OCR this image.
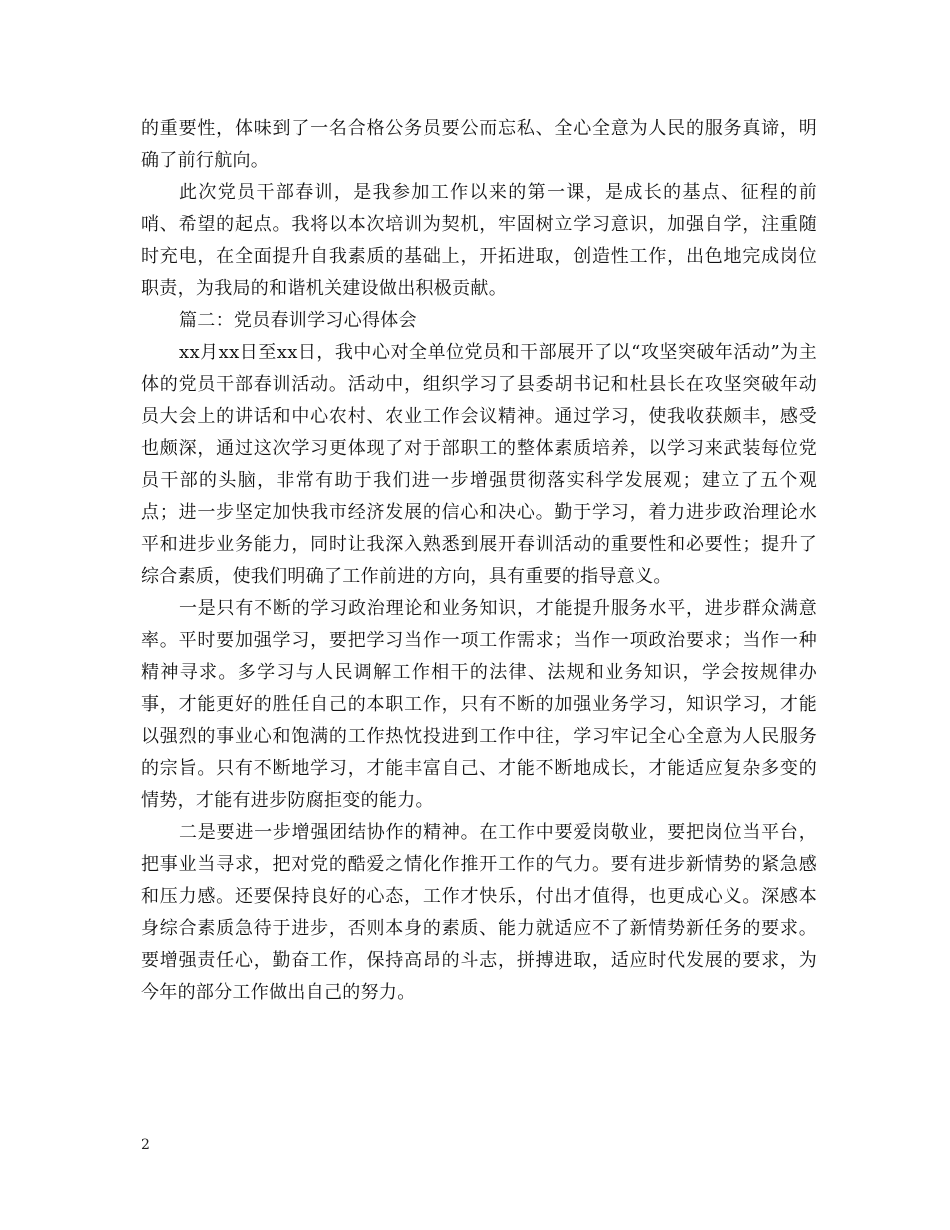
的重要性，体味到了一名合格公务员要公而忘私、全心全意为人民的服务真谛，明确了前行航向。

此次党员干部春训，是我参加工作以来的第一课，是成长的基点、征程的前哨、希望的起点。我将以本次培训为契机，牢固树立学习意识，加强自学，注重随时充电，在全面提升自我素质的基础上，开拓进取，创造性工作，出色地完成岗位职责，为我局的和谐机关建设做出积极贡献。

篇二：党员春训学习心得体会

xx月xx日至xx日，我中心对全单位党员和干部展开了以“攻坚突破年活动”为主体的党员干部春训活动。活动中，组织学习了县委胡书记和杜县长在攻坚突破年动员大会上的讲话和中心农村、农业工作会议精神。通过学习，使我收获颇丰，感受也颇深，通过这次学习更体现了对于部职工的整体素质培养，以学习来武装每位党员干部的头脑，非常有助于我们进一步增强贯彻落实科学发展观；建立了五个观点；进一步坚定加快我市经济发展的信心和决心。勤于学习，着力进步政治理论水平和进步业务能力，同时让我深入熟悉到展开春训活动的重要性和必要性；提升了综合素质，使我们明确了工作前进的方向，具有重要的指导意义。

一是只有不断的学习政治理论和业务知识，才能提升服务水平，进步群众满意率。平时要加强学习，要把学习当作一项工作需求；当作一项政治要求；当作一种精神寻求。多学习与人民调解工作相干的法律、法规和业务知识，学会按规律办事，才能更好的胜任自己的本职工作，只有不断的加强业务学习，知识学习，才能以强烈的事业心和饱满的工作热忱投进到工作中往，学习牢记全心全意为人民服务的宗旨。只有不断地学习，才能丰富自己、才能不断地成长，才能适应复杂多变的情势，才能有进步防腐拒变的能力。

二是要进一步增强团结协作的精神。在工作中要爱岗敬业，要把岗位当平台，把事业当寻求，把对党的酷爱之情化作推开工作的气力。要有进步新情势的紧急感和压力感。还要保持良好的心态，工作才快乐，付出才值得，也更成心义。深感本身综合素质急待于进步，否则本身的素质、能力就适应不了新情势新任务的要求。要增强责任心，勤奋工作，保持高昂的斗志，拼搏进取，适应时代发展的要求，为今年的部分工作做出自己的努力。

2
